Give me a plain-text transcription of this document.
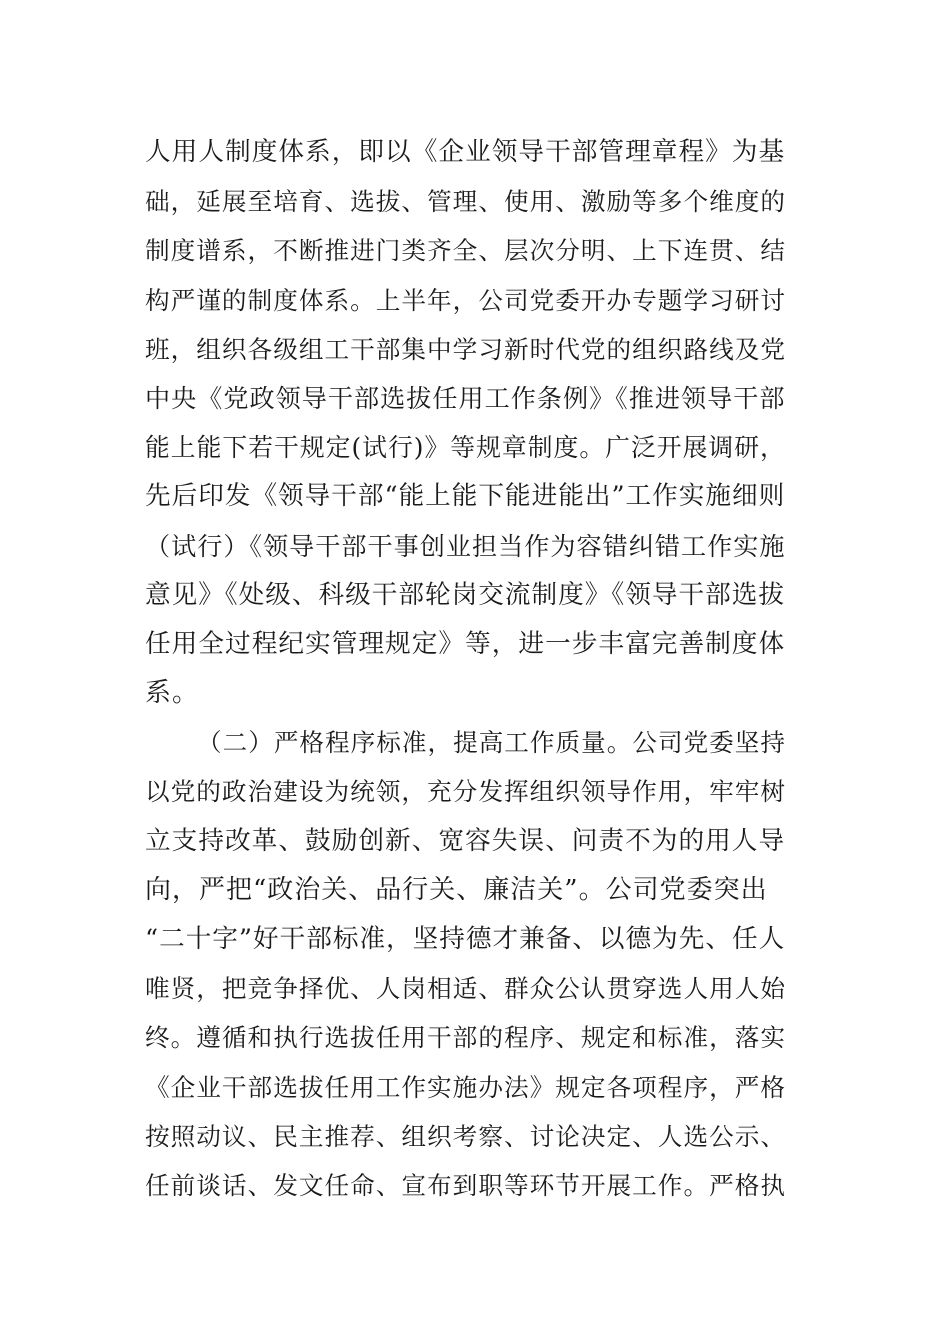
人用人制度体系，即以《企业领导干部管理章程》为基
础，延展至培育、选拔、管理、使用、激励等多个维度的
制度谱系，不断推进门类齐全、层次分明、上下连贯、结
构严谨的制度体系。上半年，公司党委开办专题学习研讨
班，组织各级组工干部集中学习新时代党的组织路线及党
中央《党政领导干部选拔任用工作条例》《推进领导干部
能上能下若干规定(试行)》等规章制度。广泛开展调研，
先后印发《领导干部“能上能下能进能出”工作实施细则
（试行）《领导干部干事创业担当作为容错纠错工作实施
意见》《处级、科级干部轮岗交流制度》《领导干部选拔
任用全过程纪实管理规定》等，进一步丰富完善制度体
系。
（二）严格程序标准，提高工作质量。公司党委坚持
以党的政治建设为统领，充分发挥组织领导作用，牢牢树
立支持改革、鼓励创新、宽容失误、问责不为的用人导
向，严把“政治关、品行关、廉洁关”。公司党委突出
“二十字”好干部标准，坚持德才兼备、以德为先、任人
唯贤，把竞争择优、人岗相适、群众公认贯穿选人用人始
终。遵循和执行选拔任用干部的程序、规定和标准，落实
《企业干部选拔任用工作实施办法》规定各项程序，严格
按照动议、民主推荐、组织考察、讨论决定、人选公示、
任前谈话、发文任命、宣布到职等环节开展工作。严格执
